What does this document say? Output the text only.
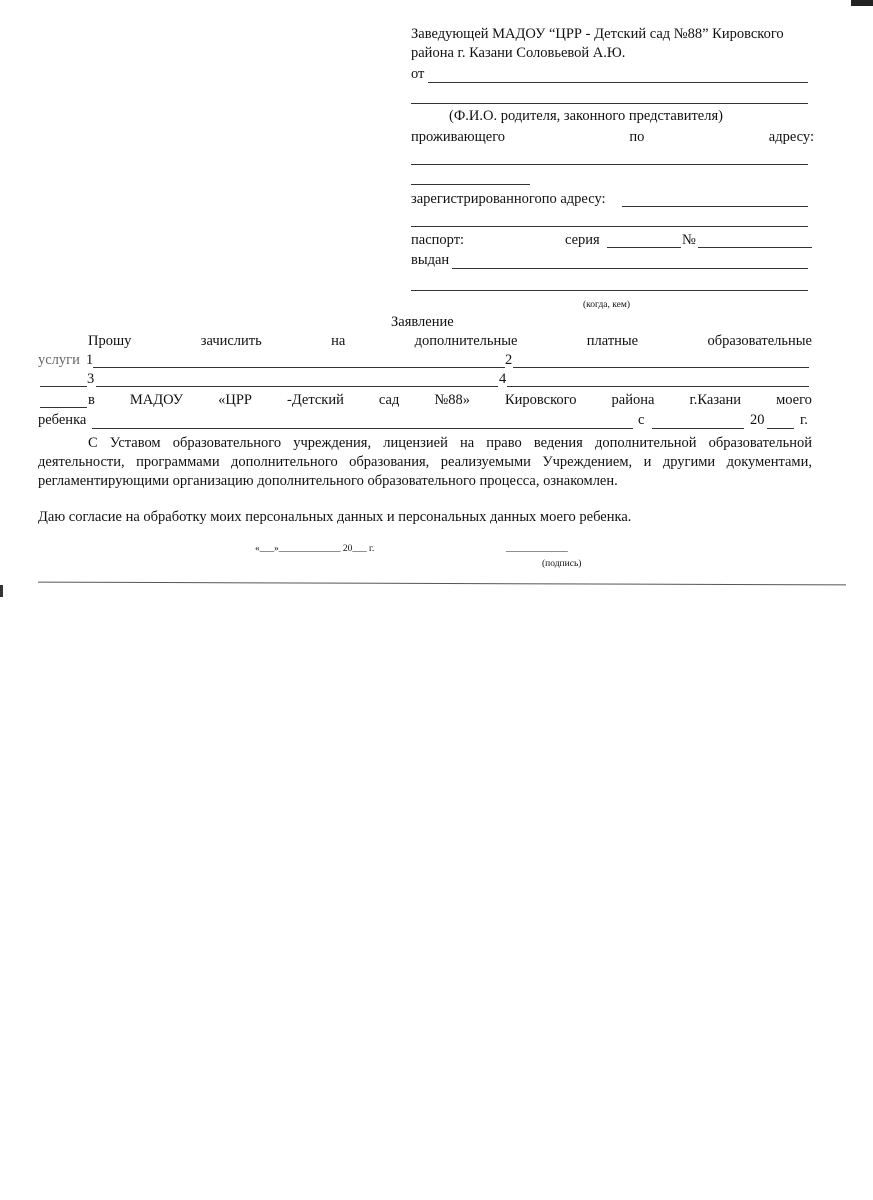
Заведующей МАДОУ “ЦРР - Детский сад №88” Кировского
района г. Казани Соловьевой А.Ю.
от
(Ф.И.О. родителя, законного представителя)
проживающего	по	адресу:
зарегистрированногопо адресу:
паспорт:	серия	№
выдан
(когда, кем)
Заявление
Прошу	зачислить	на	дополнительные	платные	образовательные
услуги 1	2
3	4
в МАДОУ «ЦРР -Детский сад №88» Кировского района г.Казани моего
ребенка	с	20 г.
С Уставом образовательного учреждения, лицензией на право ведения дополнительной образовательной деятельности, программами дополнительного образования, реализуемыми Учреждением, и другими документами, регламентирующими организацию дополнительного образовательного процесса, ознакомлен.
Даю согласие на обработку моих персональных данных и персональных данных моего ребенка.
«___»_____________ 20___ г.	_____________
(подпись)
